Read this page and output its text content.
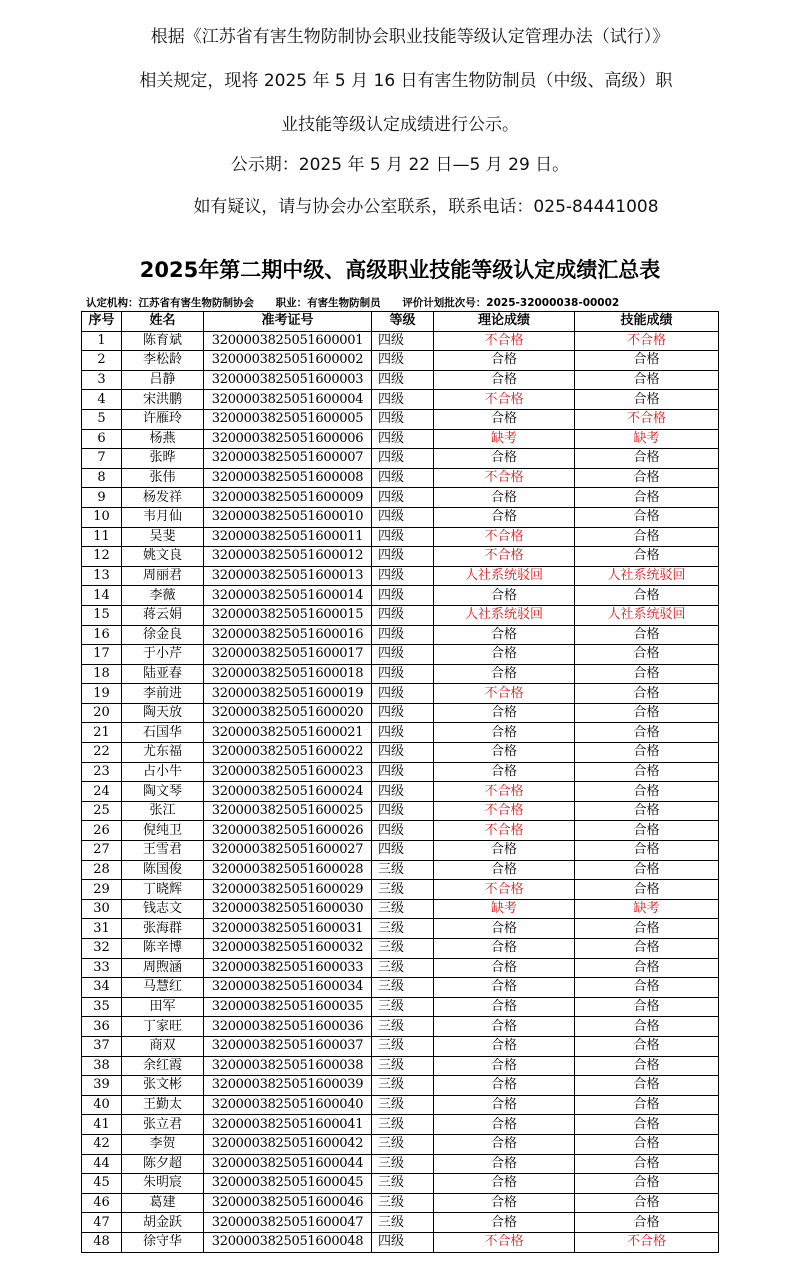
根据《江苏省有害生物防制协会职业技能等级认定管理办法（试行）》
相关规定，现将 2025 年 5 月 16 日有害生物防制员（中级、高级）职
业技能等级认定成绩进行公示。
公示期：2025 年 5 月 22 日—5 月 29 日。
如有疑议，请与协会办公室联系，联系电话：025-84441008
2025年第二期中级、高级职业技能等级认定成绩汇总表
认定机构：江苏省有害生物防制协会 职业：有害生物防制员 评价计划批次号：2025-32000038-00002
序号	姓名	准考证号	等级	理论成绩	技能成绩
1	陈育斌	3200003825051600001	四级	不合格	不合格
2	李松龄	3200003825051600002	四级	合格	合格
3	吕静	3200003825051600003	四级	合格	合格
4	宋洪鹏	3200003825051600004	四级	不合格	合格
5	许雁玲	3200003825051600005	四级	合格	不合格
6	杨燕	3200003825051600006	四级	缺考	缺考
7	张晔	3200003825051600007	四级	合格	合格
8	张伟	3200003825051600008	四级	不合格	合格
9	杨发祥	3200003825051600009	四级	合格	合格
10	韦月仙	3200003825051600010	四级	合格	合格
11	吴斐	3200003825051600011	四级	不合格	合格
12	姚文良	3200003825051600012	四级	不合格	合格
13	周丽君	3200003825051600013	四级	人社系统驳回	人社系统驳回
14	李薇	3200003825051600014	四级	合格	合格
15	蒋云娟	3200003825051600015	四级	人社系统驳回	人社系统驳回
16	徐金良	3200003825051600016	四级	合格	合格
17	于小芹	3200003825051600017	四级	合格	合格
18	陆亚春	3200003825051600018	四级	合格	合格
19	李前进	3200003825051600019	四级	不合格	合格
20	陶天放	3200003825051600020	四级	合格	合格
21	石国华	3200003825051600021	四级	合格	合格
22	尤东福	3200003825051600022	四级	合格	合格
23	占小牛	3200003825051600023	四级	合格	合格
24	陶文琴	3200003825051600024	四级	不合格	合格
25	张江	3200003825051600025	四级	不合格	合格
26	倪纯卫	3200003825051600026	四级	不合格	合格
27	王雪君	3200003825051600027	四级	合格	合格
28	陈国俊	3200003825051600028	三级	合格	合格
29	丁晓辉	3200003825051600029	三级	不合格	合格
30	钱志文	3200003825051600030	三级	缺考	缺考
31	张海群	3200003825051600031	三级	合格	合格
32	陈辛博	3200003825051600032	三级	合格	合格
33	周煦涵	3200003825051600033	三级	合格	合格
34	马慧红	3200003825051600034	三级	合格	合格
35	田军	3200003825051600035	三级	合格	合格
36	丁家旺	3200003825051600036	三级	合格	合格
37	商双	3200003825051600037	三级	合格	合格
38	余红霞	3200003825051600038	三级	合格	合格
39	张文彬	3200003825051600039	三级	合格	合格
40	王勤太	3200003825051600040	三级	合格	合格
41	张立君	3200003825051600041	三级	合格	合格
42	李贺	3200003825051600042	三级	合格	合格
44	陈夕超	3200003825051600044	三级	合格	合格
45	朱明宸	3200003825051600045	三级	合格	合格
46	葛建	3200003825051600046	三级	合格	合格
47	胡金跃	3200003825051600047	三级	合格	合格
48	徐守华	3200003825051600048	四级	不合格	不合格
